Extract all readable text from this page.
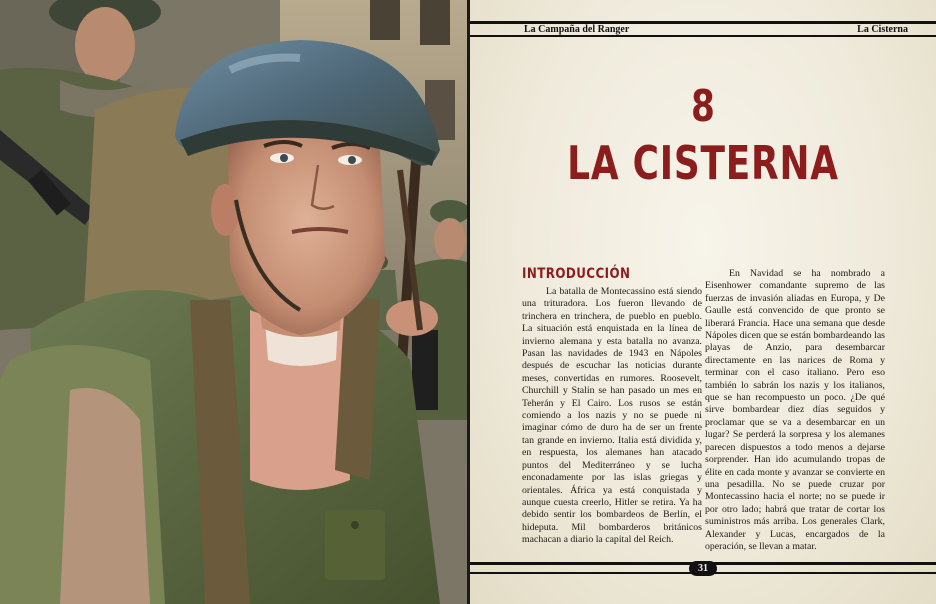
La Campaña del Ranger	La Cisterna
8
LA CISTERNA
INTRODUCCIÓN

La batalla de Montecassino está siendo una trituradora. Los fueron llevando de trinchera en trinchera, de pueblo en pueblo. La situación está enquistada en la línea de invierno alemana y esta batalla no avanza. Pasan las navidades de 1943 en Nápoles después de escuchar las noticias durante meses, convertidas en rumores. Roosevelt, Churchill y Stalin se han pasado un mes en Teherán y El Cairo. Los rusos se están comiendo a los nazis y no se puede ni imaginar cómo de duro ha de ser un frente tan grande en invierno. Italia está dividida y, en respuesta, los alemanes han atacado puntos del Mediterráneo y se lucha enconadamente por las islas griegas y orientales. África ya está conquistada y aunque cuesta creerlo, Hitler se retira. Ya ha debido sentir los bombardeos de Berlín, el hideputa. Mil bombarderos británicos machacan a diario la capital del Reich.

En Navidad se ha nombrado a Eisenhower comandante supremo de las fuerzas de invasión aliadas en Europa, y De Gaulle está convencido de que pronto se liberará Francia. Hace una semana que desde Nápoles dicen que se están bombardeando las playas de Anzio, para desembarcar directamente en las narices de Roma y terminar con el caso italiano. Pero eso también lo sabrán los nazis y los italianos, que se han recompuesto un poco. ¿De qué sirve bombardear diez días seguidos y proclamar que se va a desembarcar en un lugar? Se perderá la sorpresa y los alemanes parecen dispuestos a todo menos a dejarse sorprender. Han ido acumulando tropas de élite en cada monte y avanzar se convierte en una pesadilla. No se puede cruzar por Montecassino hacia el norte; no se puede ir por otro lado; habrá que tratar de cortar los suministros más arriba. Los generales Clark, Alexander y Lucas, encargados de la operación, se llevan a matar.

31
